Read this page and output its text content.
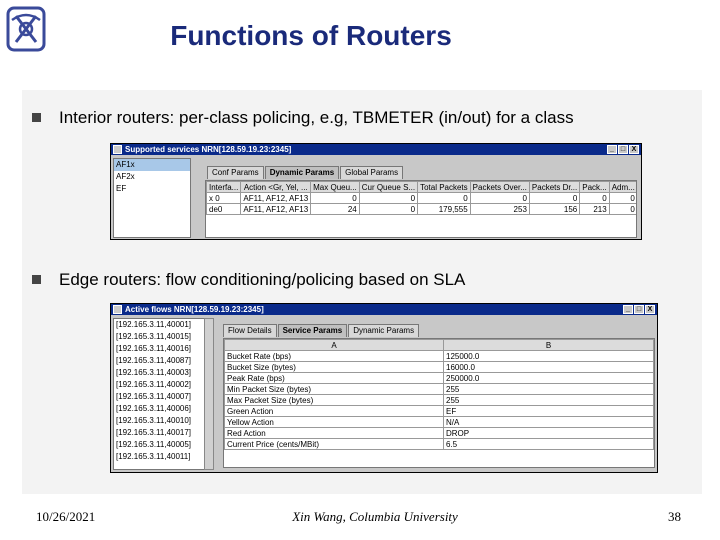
Functions of Routers
Interior routers: per-class policing, e.g, TBMETER (in/out) for a class
Supported services NRN[128.59.19.23:2345]	_ □ X
AF1x
AF2x
EF
Conf Params	Dynamic Params	Global Params
Interfa...	Action <Gr, Yel, ...	Max Queu...	Cur Queue S...	Total Packets	Packets Over...	Packets Dr...	Pack...	Adm...
x 0	AF11, AF12, AF13	0	0	0	0	0	0	0
de0	AF11, AF12, AF13	24	0	179,555	253	156	213	0
Edge routers: flow conditioning/policing based on SLA
Active flows NRN[128.59.19.23:2345]	_ □ X
[192.165.3.11,40001]
[192.165.3.11,40015]
[192.165.3.11,40016]
[192.165.3.11,40087]
[192.165.3.11,40003]
[192.165.3.11,40002]
[192.165.3.11,40007]
[192.165.3.11,40006]
[192.165.3.11,40010]
[192.165.3.11,40017]
[192.165.3.11,40005]
[192.165.3.11,40011]
Flow Details	Service Params	Dynamic Params
A	B
Bucket Rate (bps)	125000.0
Bucket Size (bytes)	16000.0
Peak Rate (bps)	250000.0
Min Packet Size (bytes)	255
Max Packet Size (bytes)	255
Green Action	EF
Yellow Action	N/A
Red Action	DROP
Current Price (cents/MBit)	6.5
10/26/2021	Xin Wang, Columbia University	38
